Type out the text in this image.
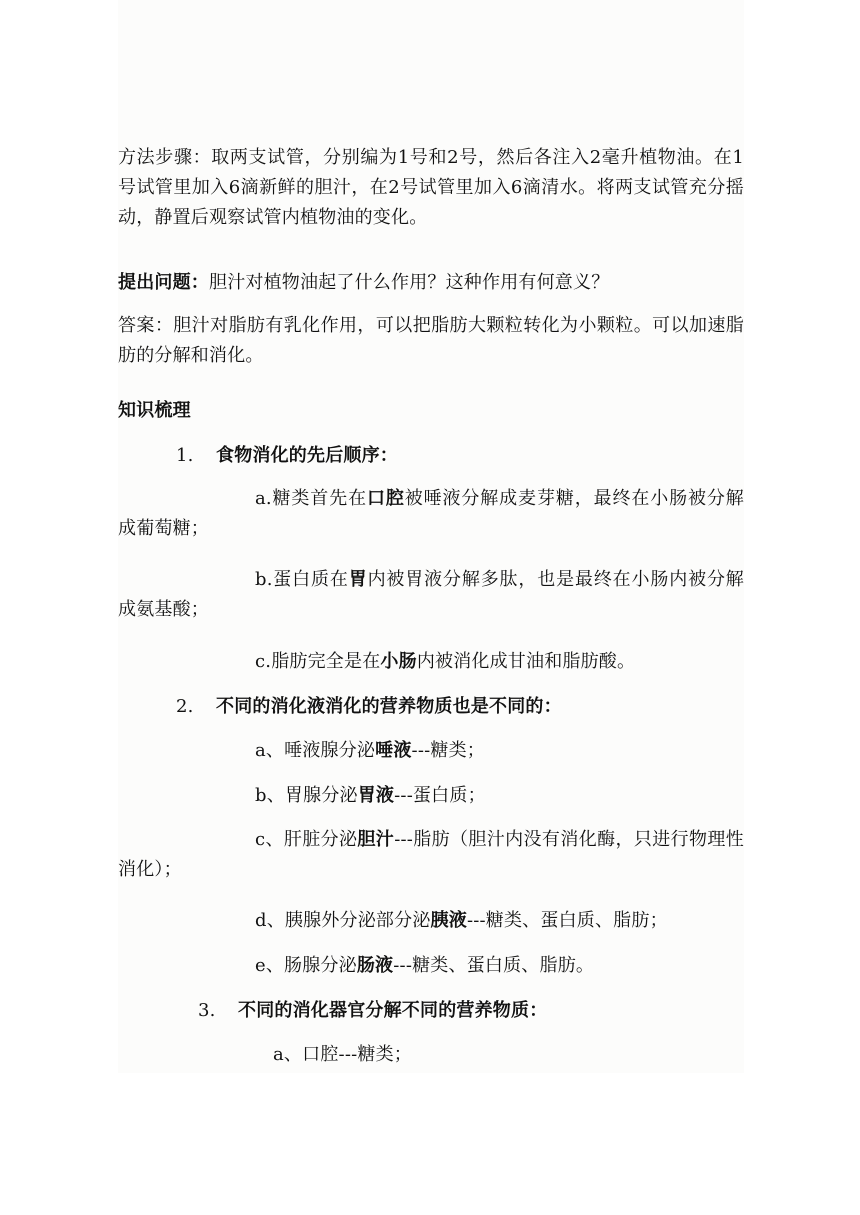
方法步骤：取两支试管，分别编为1号和2号，然后各注入2毫升植物油。在1号试管里加入6滴新鲜的胆汁，在2号试管里加入6滴清水。将两支试管充分摇动，静置后观察试管内植物油的变化。
提出问题：胆汁对植物油起了什么作用？这种作用有何意义？
答案：胆汁对脂肪有乳化作用，可以把脂肪大颗粒转化为小颗粒。可以加速脂肪的分解和消化。
知识梳理
1. 食物消化的先后顺序：
a.糖类首先在口腔被唾液分解成麦芽糖，最终在小肠被分解成葡萄糖；
b.蛋白质在胃内被胃液分解多肽，也是最终在小肠内被分解成氨基酸；
c.脂肪完全是在小肠内被消化成甘油和脂肪酸。
2. 不同的消化液消化的营养物质也是不同的：
a、唾液腺分泌唾液---糖类；
b、胃腺分泌胃液---蛋白质；
c、肝脏分泌胆汁---脂肪（胆汁内没有消化酶，只进行物理性消化）；
d、胰腺外分泌部分泌胰液---糖类、蛋白质、脂肪；
e、肠腺分泌肠液---糖类、蛋白质、脂肪。
3. 不同的消化器官分解不同的营养物质：
a、口腔---糖类；
